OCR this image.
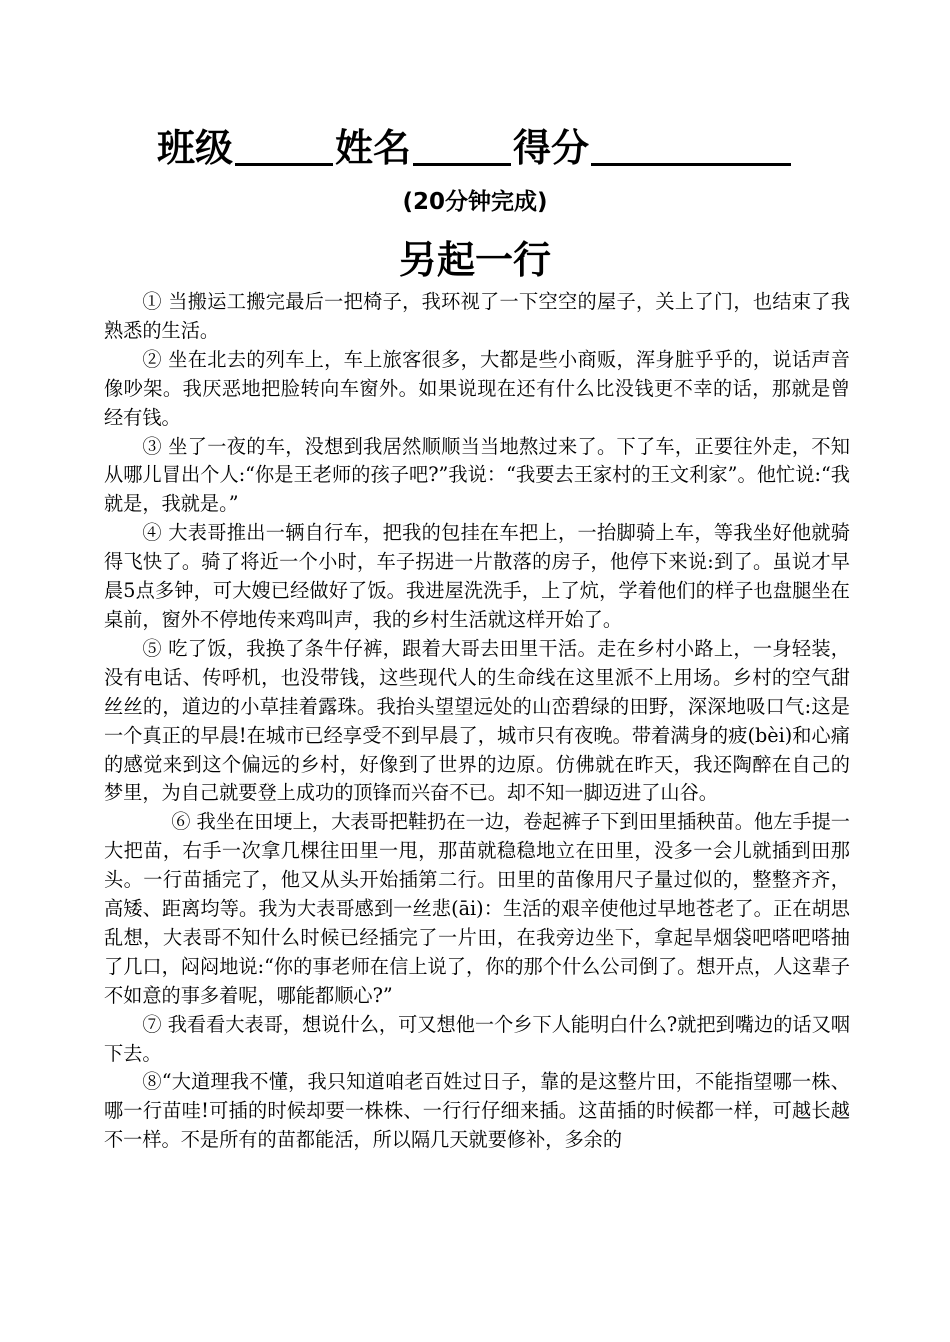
班级	姓名	得分
(20分钟完成)
另起一行

① 当搬运工搬完最后一把椅子，我环视了一下空空的屋子，关上了门，也结束了我熟悉的生活。

② 坐在北去的列车上，车上旅客很多，大都是些小商贩，浑身脏乎乎的，说话声音像吵架。我厌恶地把脸转向车窗外。如果说现在还有什么比没钱更不幸的话，那就是曾经有钱。

③ 坐了一夜的车，没想到我居然顺顺当当地熬过来了。下了车，正要往外走，不知从哪儿冒出个人:“你是王老师的孩子吧?”我说：“我要去王家村的王文利家”。他忙说:“我就是，我就是。”

④ 大表哥推出一辆自行车，把我的包挂在车把上，一抬脚骑上车，等我坐好他就骑得飞快了。骑了将近一个小时，车子拐进一片散落的房子，他停下来说:到了。虽说才早晨5点多钟，可大嫂已经做好了饭。我进屋洗洗手，上了炕，学着他们的样子也盘腿坐在桌前，窗外不停地传来鸡叫声，我的乡村生活就这样开始了。

⑤ 吃了饭，我换了条牛仔裤，跟着大哥去田里干活。走在乡村小路上，一身轻装，没有电话、传呼机，也没带钱，这些现代人的生命线在这里派不上用场。乡村的空气甜丝丝的，道边的小草挂着露珠。我抬头望望远处的山峦碧绿的田野，深深地吸口气:这是一个真正的早晨!在城市已经享受不到早晨了，城市只有夜晚。带着满身的疲(bèi)和心痛的感觉来到这个偏远的乡村，好像到了世界的边原。仿佛就在昨天，我还陶醉在自己的梦里，为自己就要登上成功的顶锋而兴奋不已。却不知一脚迈进了山谷。

⑥ 我坐在田埂上，大表哥把鞋扔在一边，卷起裤子下到田里插秧苗。他左手提一大把苗，右手一次拿几棵往田里一甩，那苗就稳稳地立在田里，没多一会儿就插到田那头。一行苗插完了，他又从头开始插第二行。田里的苗像用尺子量过似的，整整齐齐，高矮、距离均等。我为大表哥感到一丝悲(āi)：生活的艰辛使他过早地苍老了。正在胡思乱想，大表哥不知什么时候已经插完了一片田，在我旁边坐下，拿起旱烟袋吧嗒吧嗒抽了几口，闷闷地说:“你的事老师在信上说了，你的那个什么公司倒了。想开点，人这辈子不如意的事多着呢，哪能都顺心?”

⑦ 我看看大表哥，想说什么，可又想他一个乡下人能明白什么?就把到嘴边的话又咽下去。

⑧“大道理我不懂，我只知道咱老百姓过日子，靠的是这整片田，不能指望哪一株、哪一行苗哇!可插的时候却要一株株、一行行仔细来插。这苗插的时候都一样，可越长越不一样。不是所有的苗都能活，所以隔几天就要修补，多余的
